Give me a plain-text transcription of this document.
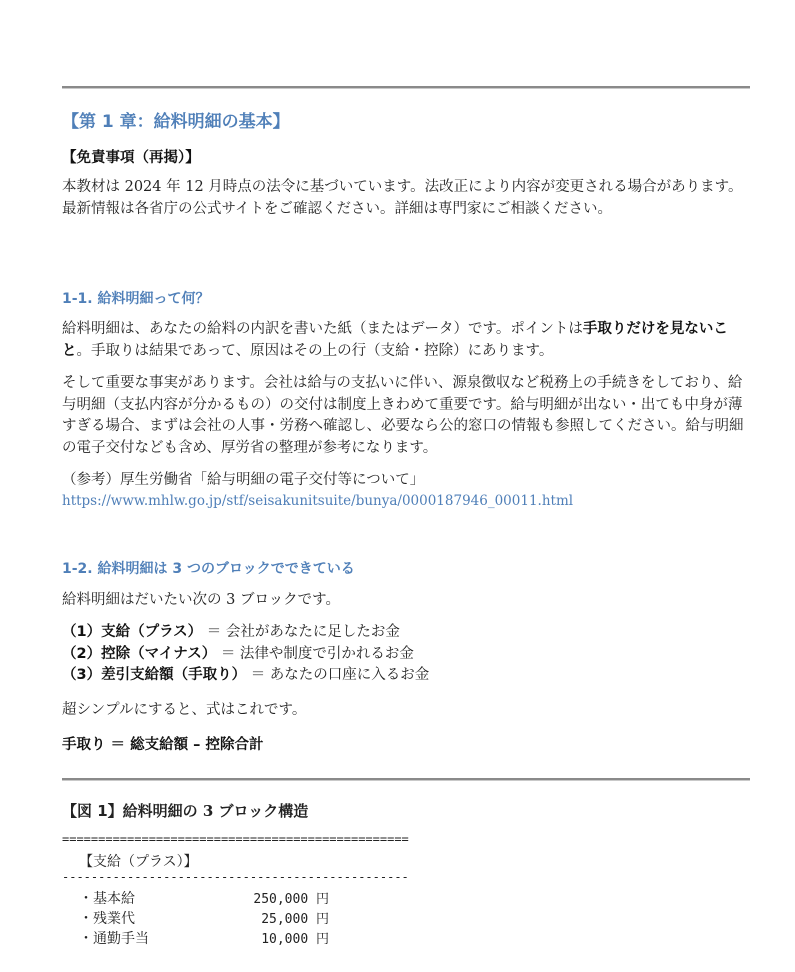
【第 1 章：給料明細の基本】
【免責事項（再掲）】
本教材は 2024 年 12 月時点の法令に基づいています。法改正により内容が変更される場合があります。最新情報は各省庁の公式サイトをご確認ください。詳細は専門家にご相談ください。
1-1. 給料明細って何？
給料明細は、あなたの給料の内訳を書いた紙（またはデータ）です。ポイントは手取りだけを見ないこと。手取りは結果であって、原因はその上の行（支給・控除）にあります。
そして重要な事実があります。会社は給与の支払いに伴い、源泉徴収など税務上の手続きをしており、給与明細（支払内容が分かるもの）の交付は制度上きわめて重要です。給与明細が出ない・出ても中身が薄すぎる場合、まずは会社の人事・労務へ確認し、必要なら公的窓口の情報も参照してください。給与明細の電子交付なども含め、厚労省の整理が参考になります。
（参考）厚生労働省「給与明細の電子交付等について」
https://www.mhlw.go.jp/stf/seisakunitsuite/bunya/0000187946_00011.html
1-2. 給料明細は 3 つのブロックでできている
給料明細はだいたい次の 3 ブロックです。
（1）支給（プラス） ＝ 会社があなたに足したお金
（2）控除（マイナス） ＝ 法律や制度で引かれるお金
（3）差引支給額（手取り） ＝ あなたの口座に入るお金
超シンプルにすると、式はこれです。
手取り ＝ 総支給額 – 控除合計
【図 1】給料明細の 3 ブロック構造
================================================
【支給（プラス）】
------------------------------------------------
・基本給	250,000 円
・残業代	25,000 円
・通勤手当	10,000 円
